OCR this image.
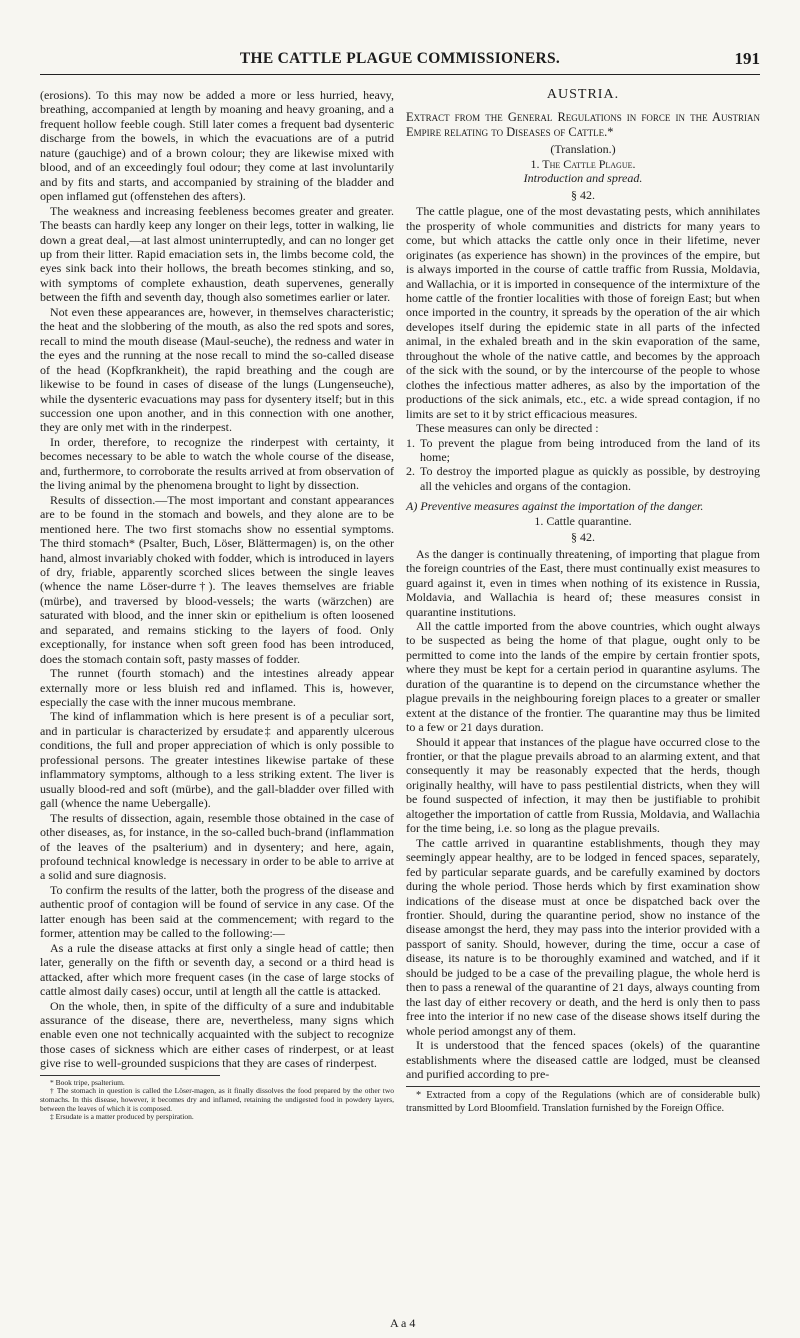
THE CATTLE PLAGUE COMMISSIONERS.	191

(erosions). To this may now be added a more or less hurried, heavy, breathing, accompanied at length by moaning and heavy groaning, and a frequent hollow feeble cough. Still later comes a frequent bad dysenteric discharge from the bowels, in which the evacuations are of a putrid nature (gauchige) and of a brown colour; they are likewise mixed with blood, and of an exceedingly foul odour; they come at last involuntarily and by fits and starts, and accompanied by straining of the bladder and open inflamed gut (offenstehen des afters).

The weakness and increasing feebleness becomes greater and greater. The beasts can hardly keep any longer on their legs, totter in walking, lie down a great deal,—at last almost uninterruptedly, and can no longer get up from their litter. Rapid emaciation sets in, the limbs become cold, the eyes sink back into their hollows, the breath becomes stinking, and so, with symptoms of complete exhaustion, death supervenes, generally between the fifth and seventh day, though also sometimes earlier or later.

Not even these appearances are, however, in themselves characteristic; the heat and the slobbering of the mouth, as also the red spots and sores, recall to mind the mouth disease (Maul-seuche), the redness and water in the eyes and the running at the nose recall to mind the so-called disease of the head (Kopfkrankheit), the rapid breathing and the cough are likewise to be found in cases of disease of the lungs (Lungenseuche), while the dysenteric evacuations may pass for dysentery itself; but in this succession one upon another, and in this connection with one another, they are only met with in the rinderpest.

In order, therefore, to recognize the rinderpest with certainty, it becomes necessary to be able to watch the whole course of the disease, and, furthermore, to corroborate the results arrived at from observation of the living animal by the phenomena brought to light by dissection.

Results of dissection.—The most important and constant appearances are to be found in the stomach and bowels, and they alone are to be mentioned here. The two first stomachs show no essential symptoms. The third stomach* (Psalter, Buch, Löser, Blättermagen) is, on the other hand, almost invariably choked with fodder, which is introduced in layers of dry, friable, apparently scorched slices between the single leaves (whence the name Löser-durre†). The leaves themselves are friable (mürbe), and traversed by blood-vessels; the warts (wärzchen) are saturated with blood, and the inner skin or epithelium is often loosened and separated, and remains sticking to the layers of food. Only exceptionally, for instance when soft green food has been introduced, does the stomach contain soft, pasty masses of fodder.

The runnet (fourth stomach) and the intestines already appear externally more or less bluish red and inflamed. This is, however, especially the case with the inner mucous membrane.

The kind of inflammation which is here present is of a peculiar sort, and in particular is characterized by ersudate‡ and apparently ulcerous conditions, the full and proper appreciation of which is only possible to professional persons. The greater intestines likewise partake of these inflammatory symptoms, although to a less striking extent. The liver is usually blood-red and soft (mürbe), and the gall-bladder over filled with gall (whence the name Uebergalle).

The results of dissection, again, resemble those obtained in the case of other diseases, as, for instance, in the so-called buch-brand (inflammation of the leaves of the psalterium) and in dysentery; and here, again, profound technical knowledge is necessary in order to be able to arrive at a solid and sure diagnosis.

To confirm the results of the latter, both the progress of the disease and authentic proof of contagion will be found of service in any case. Of the latter enough has been said at the commencement; with regard to the former, attention may be called to the following:—

As a rule the disease attacks at first only a single head of cattle; then later, generally on the fifth or seventh day, a second or a third head is attacked, after which more frequent cases (in the case of large stocks of cattle almost daily cases) occur, until at length all the cattle is attacked.

On the whole, then, in spite of the difficulty of a sure and indubitable assurance of the disease, there are, nevertheless, many signs which enable even one not technically acquainted with the subject to recognize those cases of sickness which are either cases of rinderpest, or at least give rise to well-grounded suspicions that they are cases of rinderpest.

* Book tripe, psalterium.

† The stomach in question is called the Löser-magen, as it finally dissolves the food prepared by the other two stomachs. In this disease, however, it becomes dry and inflamed, retaining the undigested food in powdery layers, between the leaves of which it is composed.

‡ Ersudate is a matter produced by perspiration.

AUSTRIA.

Extract from the General Regulations in force in the Austrian Empire relating to Diseases of Cattle.*

(Translation.)

1. The Cattle Plague.

Introduction and spread.

§ 42.

The cattle plague, one of the most devastating pests, which annihilates the prosperity of whole communities and districts for many years to come, but which attacks the cattle only once in their lifetime, never originates (as experience has shown) in the provinces of the empire, but is always imported in the course of cattle traffic from Russia, Moldavia, and Wallachia, or it is imported in consequence of the intermixture of the home cattle of the frontier localities with those of foreign East; but when once imported in the country, it spreads by the operation of the air which developes itself during the epidemic state in all parts of the infected animal, in the exhaled breath and in the skin evaporation of the same, throughout the whole of the native cattle, and becomes by the approach of the sick with the sound, or by the intercourse of the people to whose clothes the infectious matter adheres, as also by the importation of the productions of the sick animals, etc., etc. a wide spread contagion, if no limits are set to it by strict efficacious measures.

These measures can only be directed :

1. To prevent the plague from being introduced from the land of its home;

2. To destroy the imported plague as quickly as possible, by destroying all the vehicles and organs of the contagion.

A) Preventive measures against the importation of the danger.

1. Cattle quarantine.

§ 42.

As the danger is continually threatening, of importing that plague from the foreign countries of the East, there must continually exist measures to guard against it, even in times when nothing of its existence in Russia, Moldavia, and Wallachia is heard of; these measures consist in quarantine institutions.

All the cattle imported from the above countries, which ought always to be suspected as being the home of that plague, ought only to be permitted to come into the lands of the empire by certain frontier spots, where they must be kept for a certain period in quarantine asylums. The duration of the quarantine is to depend on the circumstance whether the plague prevails in the neighbouring foreign places to a greater or smaller extent at the distance of the frontier. The quarantine may thus be limited to a few or 21 days duration.

Should it appear that instances of the plague have occurred close to the frontier, or that the plague prevails abroad to an alarming extent, and that consequently it may be reasonably expected that the herds, though originally healthy, will have to pass pestilential districts, when they will be found suspected of infection, it may then be justifiable to prohibit altogether the importation of cattle from Russia, Moldavia, and Wallachia for the time being, i.e. so long as the plague prevails.

The cattle arrived in quarantine establishments, though they may seemingly appear healthy, are to be lodged in fenced spaces, separately, fed by particular separate guards, and be carefully examined by doctors during the whole period. Those herds which by first examination show indications of the disease must at once be dispatched back over the frontier. Should, during the quarantine period, show no instance of the disease amongst the herd, they may pass into the interior provided with a passport of sanity. Should, however, during the time, occur a case of disease, its nature is to be thoroughly examined and watched, and if it should be judged to be a case of the prevailing plague, the whole herd is then to pass a renewal of the quarantine of 21 days, always counting from the last day of either recovery or death, and the herd is only then to pass free into the interior if no new case of the disease shows itself during the whole period amongst any of them.

It is understood that the fenced spaces (okels) of the quarantine establishments where the diseased cattle are lodged, must be cleansed and purified according to pre-

* Extracted from a copy of the Regulations (which are of considerable bulk) transmitted by Lord Bloomfield. Translation furnished by the Foreign Office.

A a 4
